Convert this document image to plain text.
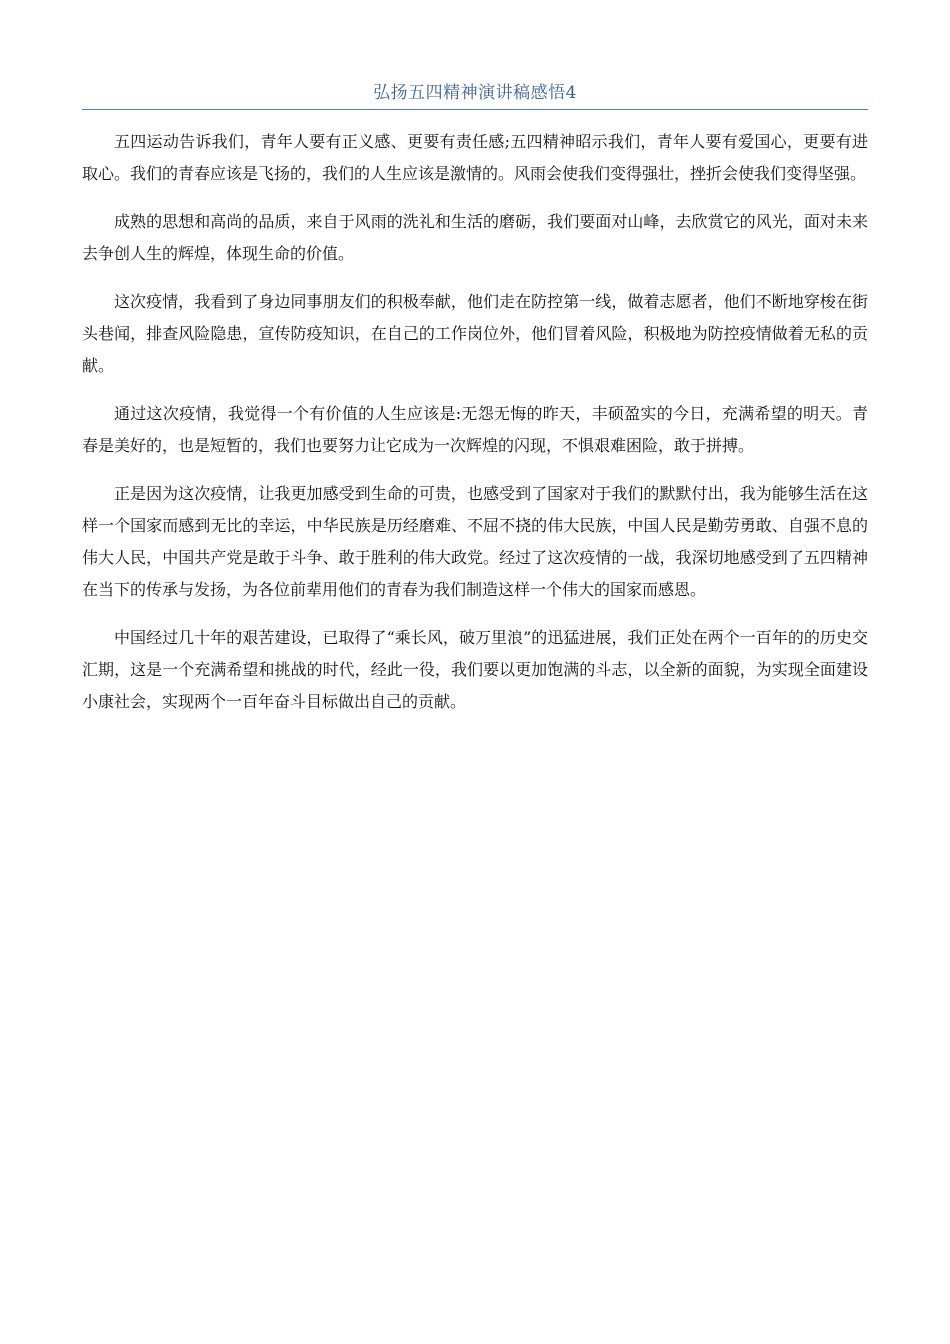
弘扬五四精神演讲稿感悟4

五四运动告诉我们，青年人要有正义感、更要有责任感;五四精神昭示我们，青年人要有爱国心，更要有进取心。我们的青春应该是飞扬的，我们的人生应该是激情的。风雨会使我们变得强壮，挫折会使我们变得坚强。

成熟的思想和高尚的品质，来自于风雨的洗礼和生活的磨砺，我们要面对山峰，去欣赏它的风光，面对未来去争创人生的辉煌，体现生命的价值。

这次疫情，我看到了身边同事朋友们的积极奉献，他们走在防控第一线，做着志愿者，他们不断地穿梭在街头巷闻，排查风险隐患，宣传防疫知识，在自己的工作岗位外，他们冒着风险，积极地为防控疫情做着无私的贡献。

通过这次疫情，我觉得一个有价值的人生应该是:无怨无悔的昨天，丰硕盈实的今日，充满希望的明天。青春是美好的，也是短暂的，我们也要努力让它成为一次辉煌的闪现，不惧艰难困险，敢于拼搏。

正是因为这次疫情，让我更加感受到生命的可贵，也感受到了国家对于我们的默默付出，我为能够生活在这样一个国家而感到无比的幸运，中华民族是历经磨难、不屈不挠的伟大民族，中国人民是勤劳勇敢、自强不息的伟大人民，中国共产党是敢于斗争、敢于胜利的伟大政党。经过了这次疫情的一战，我深切地感受到了五四精神在当下的传承与发扬，为各位前辈用他们的青春为我们制造这样一个伟大的国家而感恩。

中国经过几十年的艰苦建设，已取得了“乘长风，破万里浪”的迅猛进展，我们正处在两个一百年的的历史交汇期，这是一个充满希望和挑战的时代，经此一役，我们要以更加饱满的斗志，以全新的面貌，为实现全面建设小康社会，实现两个一百年奋斗目标做出自己的贡献。
